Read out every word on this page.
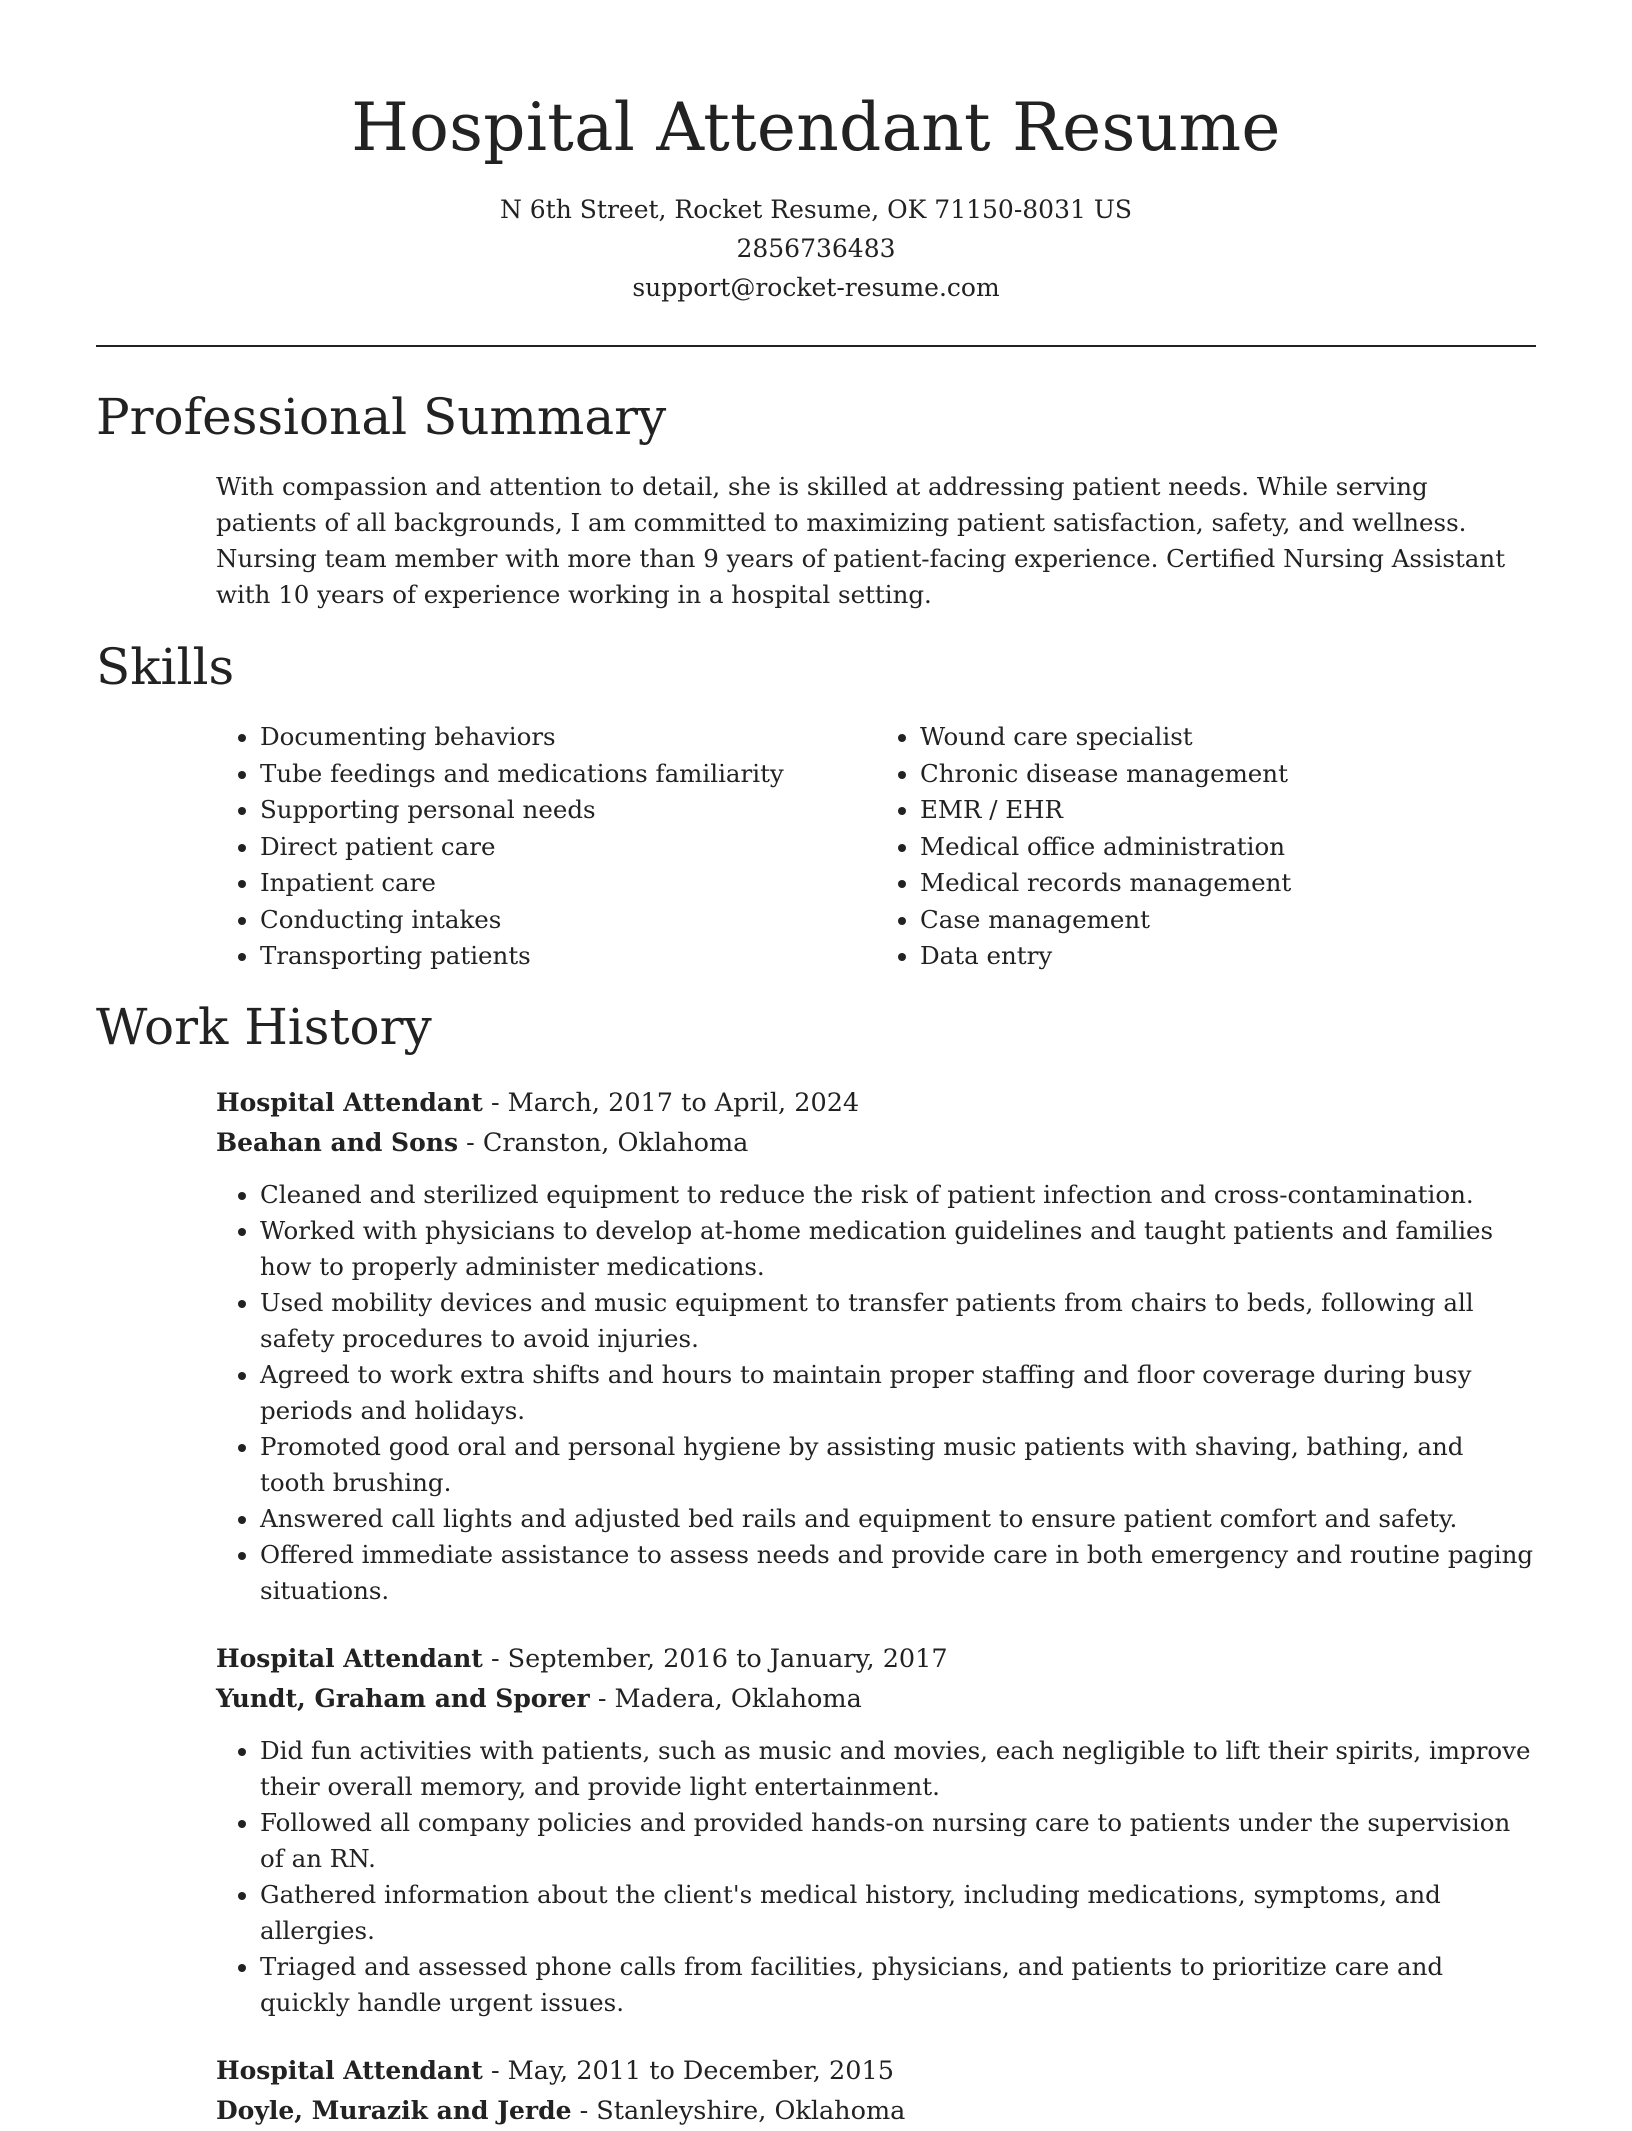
Hospital Attendant Resume
N 6th Street, Rocket Resume, OK 71150-8031 US
2856736483
support@rocket-resume.com
Professional Summary
With compassion and attention to detail, she is skilled at addressing patient needs. While serving patients of all backgrounds, I am committed to maximizing patient satisfaction, safety, and wellness. Nursing team member with more than 9 years of patient-facing experience. Certified Nursing Assistant with 10 years of experience working in a hospital setting.
Skills
• Documenting behaviors
• Tube feedings and medications familiarity
• Supporting personal needs
• Direct patient care
• Inpatient care
• Conducting intakes
• Transporting patients
• Wound care specialist
• Chronic disease management
• EMR / EHR
• Medical office administration
• Medical records management
• Case management
• Data entry
Work History
Hospital Attendant - March, 2017 to April, 2024
Beahan and Sons - Cranston, Oklahoma
• Cleaned and sterilized equipment to reduce the risk of patient infection and cross-contamination.
• Worked with physicians to develop at-home medication guidelines and taught patients and families how to properly administer medications.
• Used mobility devices and music equipment to transfer patients from chairs to beds, following all safety procedures to avoid injuries.
• Agreed to work extra shifts and hours to maintain proper staffing and floor coverage during busy periods and holidays.
• Promoted good oral and personal hygiene by assisting music patients with shaving, bathing, and tooth brushing.
• Answered call lights and adjusted bed rails and equipment to ensure patient comfort and safety.
• Offered immediate assistance to assess needs and provide care in both emergency and routine paging situations.
Hospital Attendant - September, 2016 to January, 2017
Yundt, Graham and Sporer - Madera, Oklahoma
• Did fun activities with patients, such as music and movies, each negligible to lift their spirits, improve their overall memory, and provide light entertainment.
• Followed all company policies and provided hands-on nursing care to patients under the supervision of an RN.
• Gathered information about the client's medical history, including medications, symptoms, and allergies.
• Triaged and assessed phone calls from facilities, physicians, and patients to prioritize care and quickly handle urgent issues.
Hospital Attendant - May, 2011 to December, 2015
Doyle, Murazik and Jerde - Stanleyshire, Oklahoma
